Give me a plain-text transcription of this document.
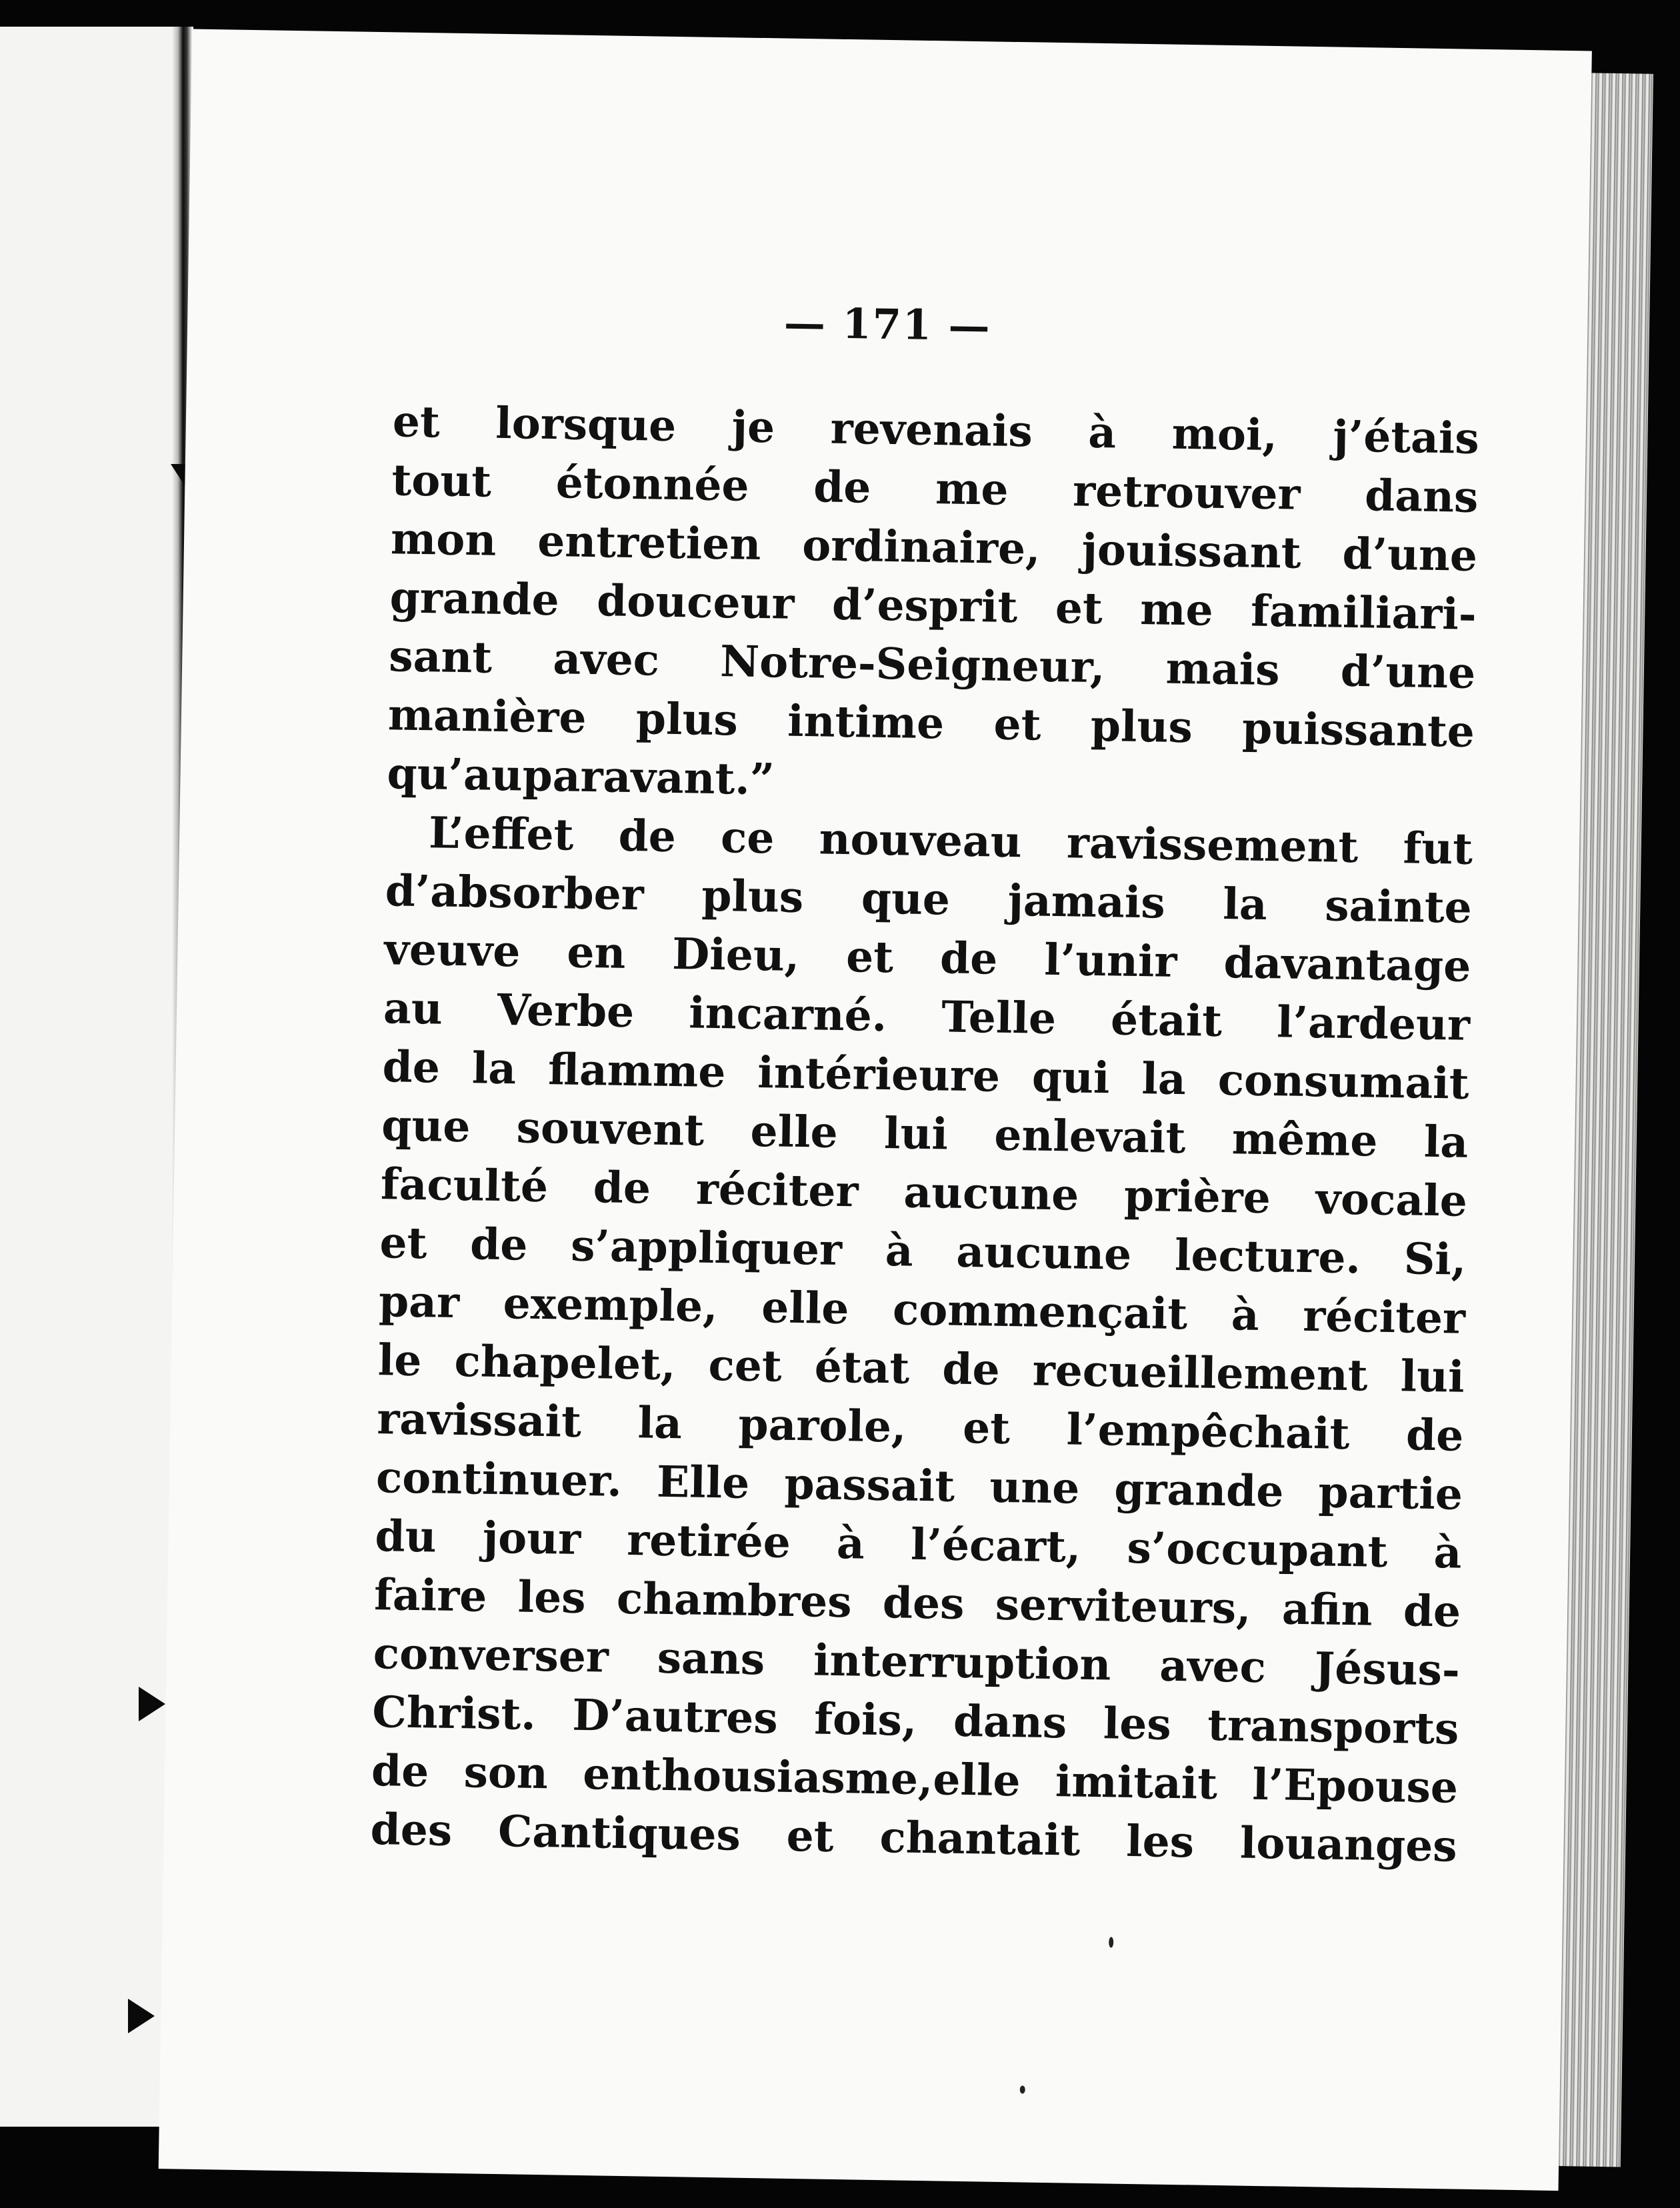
— 171 —
et lorsque je revenais à moi, j’étais
tout étonnée de me retrouver dans
mon entretien ordinaire, jouissant d’une
grande douceur d’esprit et me familiari-
sant avec Notre-Seigneur, mais d’une
manière plus intime et plus puissante
qu’auparavant.”
L’effet de ce nouveau ravissement fut
d’absorber plus que jamais la sainte
veuve en Dieu, et de l’unir davantage
au Verbe incarné. Telle était l’ardeur
de la flamme intérieure qui la consumait
que souvent elle lui enlevait même la
faculté de réciter aucune prière vocale
et de s’appliquer à aucune lecture. Si,
par exemple, elle commençait à réciter
le chapelet, cet état de recueillement lui
ravissait la parole, et l’empêchait de
continuer. Elle passait une grande partie
du jour retirée à l’écart, s’occupant à
faire les chambres des serviteurs, afin de
converser sans interruption avec Jésus-
Christ. D’autres fois, dans les transports
de son enthousiasme,elle imitait l’Epouse
des Cantiques et chantait les louanges
